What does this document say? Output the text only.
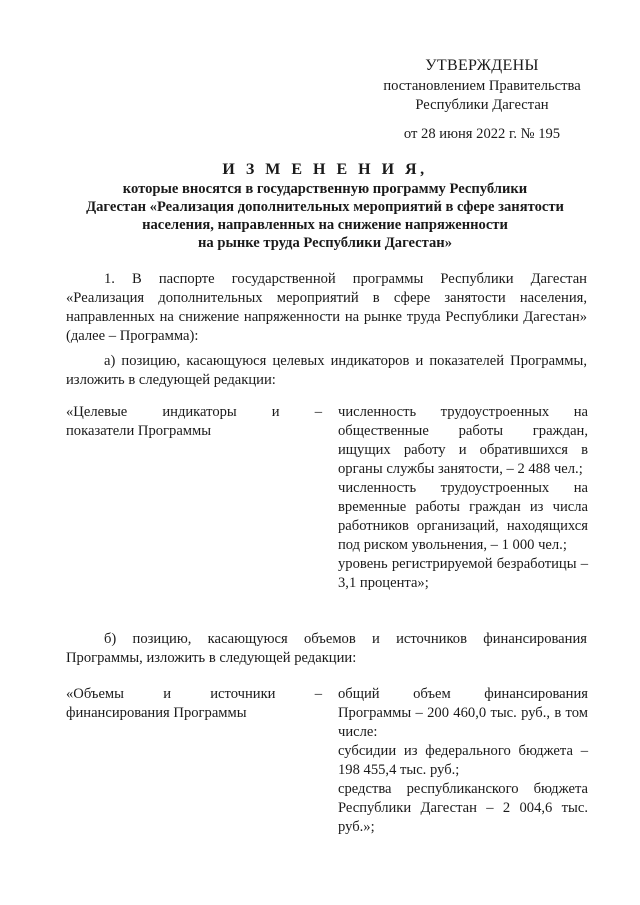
УТВЕРЖДЕНЫ
постановлением Правительства
Республики Дагестан
от 28 июня 2022 г. № 195
И З М Е Н Е Н И Я,
которые вносятся в государственную программу Республики
Дагестан «Реализация дополнительных мероприятий в сфере занятости
населения, направленных на снижение напряженности
на рынке труда Республики Дагестан»

1. В паспорте государственной программы Республики Дагестан «Реализация дополнительных мероприятий в сфере занятости населения, направленных на снижение напряженности на рынке труда Республики Дагестан» (далее – Программа):

а) позицию, касающуюся целевых индикаторов и показателей Программы, изложить в следующей редакции:

«Целевые индикаторы и –
показатели Программы

численность трудоустроенных на общественные работы граждан, ищущих работу и обратившихся в органы службы занятости, – 2 488 чел.;

численность трудоустроенных на временные работы граждан из числа работников организаций, находящихся под риском увольнения, – 1 000 чел.;

уровень регистрируемой безработицы – 3,1 процента»;

б) позицию, касающуюся объемов и источников финансирования Программы, изложить в следующей редакции:

«Объемы и источники –
финансирования Программы

общий объем финансирования Программы – 200 460,0 тыс. руб., в том числе:

субсидии из федерального бюджета – 198 455,4 тыс. руб.;

средства республиканского бюджета Республики Дагестан – 2 004,6 тыс. руб.»;
